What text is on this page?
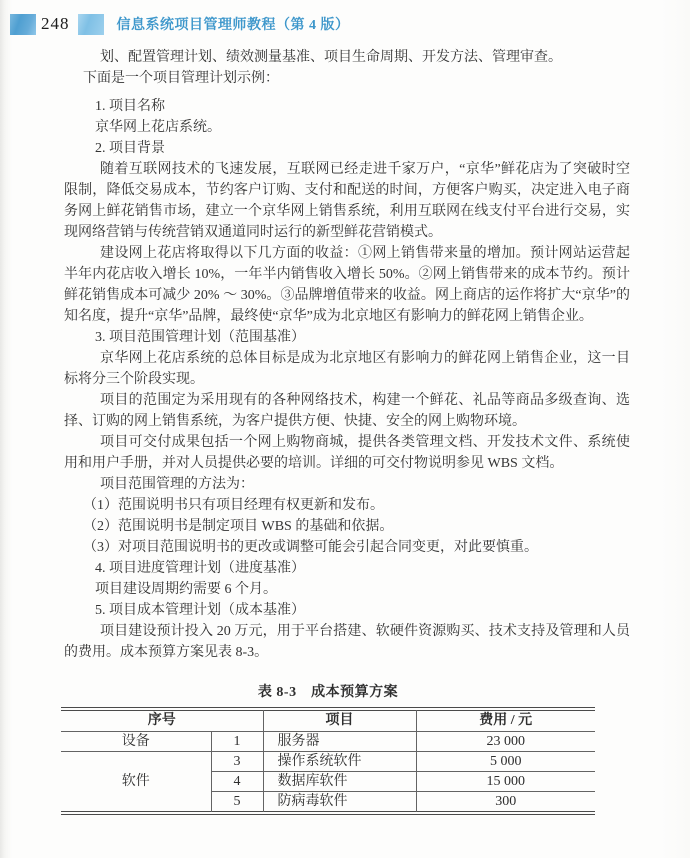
248	信息系统项目管理师教程（第 4 版）

划、配置管理计划、绩效测量基准、项目生命周期、开发方法、管理审查。

下面是一个项目管理计划示例：

1. 项目名称

京华网上花店系统。

2. 项目背景

随着互联网技术的飞速发展，互联网已经走进千家万户，“京华”鲜花店为了突破时空限制，降低交易成本，节约客户订购、支付和配送的时间，方便客户购买，决定进入电子商务网上鲜花销售市场，建立一个京华网上销售系统，利用互联网在线支付平台进行交易，实现网络营销与传统营销双通道同时运行的新型鲜花营销模式。

建设网上花店将取得以下几方面的收益：①网上销售带来量的增加。预计网站运营起半年内花店收入增长 10%，一年半内销售收入增长 50%。②网上销售带来的成本节约。预计鲜花销售成本可减少 20% ～ 30%。③品牌增值带来的收益。网上商店的运作将扩大“京华”的知名度，提升“京华”品牌，最终使“京华”成为北京地区有影响力的鲜花网上销售企业。

3. 项目范围管理计划（范围基准）

京华网上花店系统的总体目标是成为北京地区有影响力的鲜花网上销售企业，这一目标将分三个阶段实现。

项目的范围定为采用现有的各种网络技术，构建一个鲜花、礼品等商品多级查询、选择、订购的网上销售系统，为客户提供方便、快捷、安全的网上购物环境。

项目可交付成果包括一个网上购物商城，提供各类管理文档、开发技术文件、系统使用和用户手册，并对人员提供必要的培训。详细的可交付物说明参见 WBS 文档。

项目范围管理的方法为：

（1）范围说明书只有项目经理有权更新和发布。

（2）范围说明书是制定项目 WBS 的基础和依据。

（3）对项目范围说明书的更改或调整可能会引起合同变更，对此要慎重。

4. 项目进度管理计划（进度基准）

项目建设周期约需要 6 个月。

5. 项目成本管理计划（成本基准）

项目建设预计投入 20 万元，用于平台搭建、软硬件资源购买、技术支持及管理和人员的费用。成本预算方案见表 8-3。

表 8-3　成本预算方案
序号		项目	费用 / 元
设备	1	服务器	23 000
软件	3	操作系统软件	5 000
	4	数据库软件	15 000
	5	防病毒软件	300
